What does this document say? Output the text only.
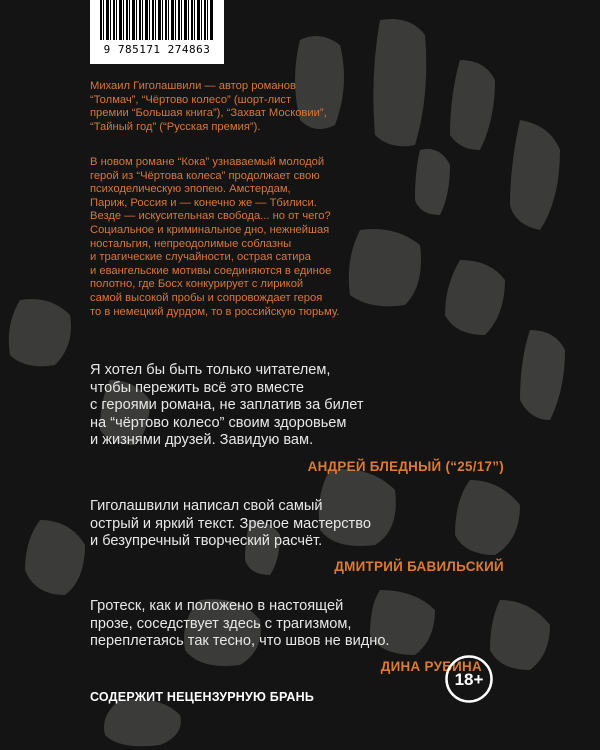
9 785171 274863
Михаил Гиголашвили — автор романов
“Толмач”, “Чёртово колесо” (шорт-лист
премии “Большая книга”), “Захват Московии”,
“Тайный год” (“Русская премия”).
В новом романе “Кока” узнаваемый молодой
герой из “Чёртова колеса” продолжает свою
психоделическую эпопею. Амстердам,
Париж, Россия и — конечно же — Тбилиси.
Везде — искусительная свобода... но от чего?
Социальное и криминальное дно, нежнейшая
ностальгия, непреодолимые соблазны
и трагические случайности, острая сатира
и евангельские мотивы соединяются в единое
полотно, где Босх конкурирует с лирикой
самой высокой пробы и сопровождает героя
то в немецкий дурдом, то в российскую тюрьму.
Я хотел бы быть только читателем,
чтобы пережить всё это вместе
с героями романа, не заплатив за билет
на “чёртово колесо” своим здоровьем
и жизнями друзей. Завидую вам.
АНДРЕЙ БЛЕДНЫЙ (“25/17”)
Гиголашвили написал свой самый
острый и яркий текст. Зрелое мастерство
и безупречный творческий расчёт.
ДМИТРИЙ БАВИЛЬСКИЙ
Гротеск, как и положено в настоящей
прозе, соседствует здесь с трагизмом,
переплетаясь так тесно, что швов не видно.
ДИНА РУБИНА
СОДЕРЖИТ НЕЦЕНЗУРНУЮ БРАНЬ
18+
